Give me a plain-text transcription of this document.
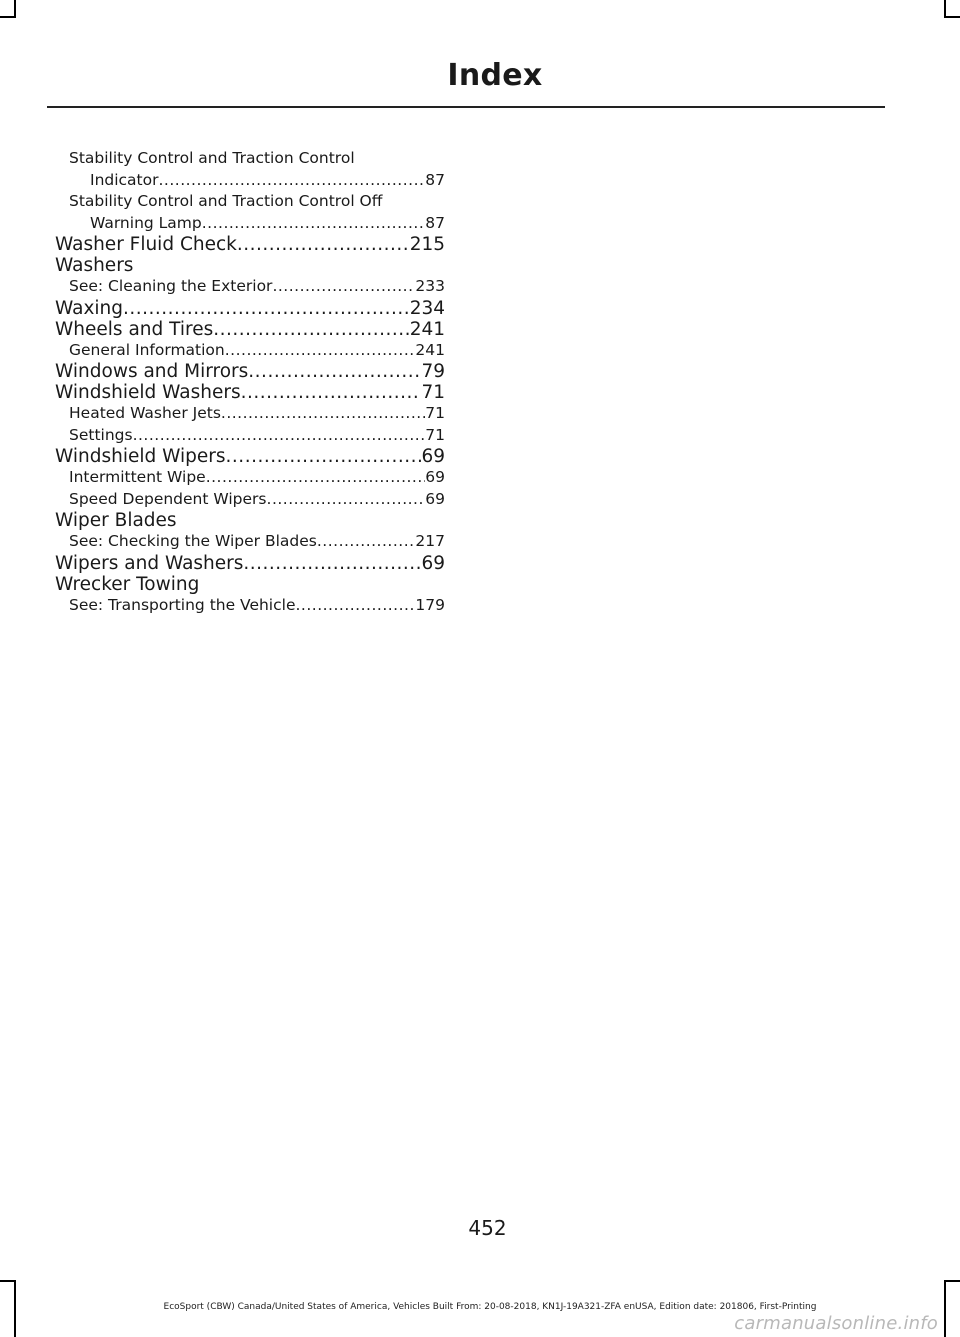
Index
Stability Control and Traction Control
Indicator .....	87
Stability Control and Traction Control Off
Warning Lamp .....	87
Washer Fluid Check .....	215
Washers
See: Cleaning the Exterior .....	233
Waxing .....	234
Wheels and Tires .....	241
General Information .....	241
Windows and Mirrors .....	79
Windshield Washers .....	71
Heated Washer Jets .....	71
Settings .....	71
Windshield Wipers .....	69
Intermittent Wipe .....	69
Speed Dependent Wipers .....	69
Wiper Blades
See: Checking the Wiper Blades .....	217
Wipers and Washers .....	69
Wrecker Towing
See: Transporting the Vehicle .....	179
452
EcoSport (CBW) Canada/United States of America, Vehicles Built From: 20-08-2018, KN1J-19A321-ZFA enUSA, Edition date: 201806, First-Printing
carmanualsonline.info
